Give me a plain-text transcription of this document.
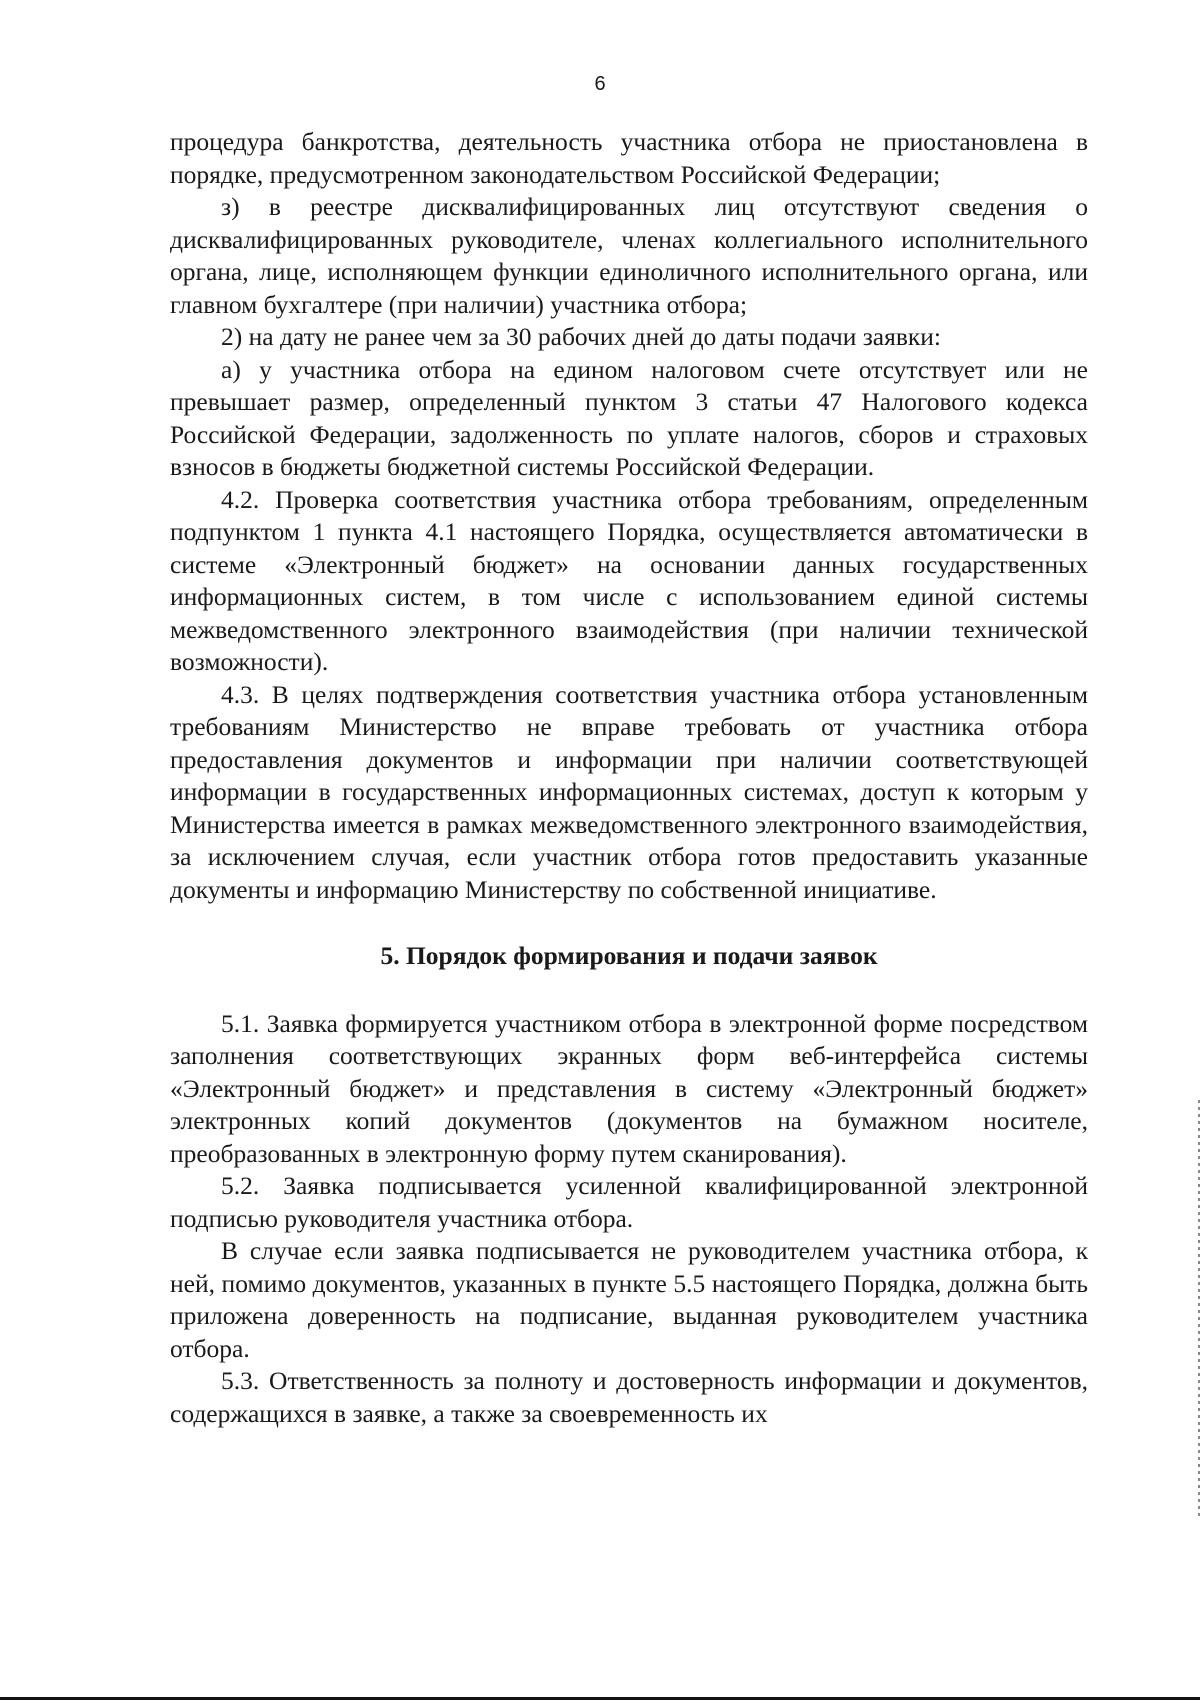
6

процедура банкротства, деятельность участника отбора не приостановлена в порядке, предусмотренном законодательством Российской Федерации;

з) в реестре дисквалифицированных лиц отсутствуют сведения о дисквалифицированных руководителе, членах коллегиального исполнительного органа, лице, исполняющем функции единоличного исполнительного органа, или главном бухгалтере (при наличии) участника отбора;

2) на дату не ранее чем за 30 рабочих дней до даты подачи заявки:

а) у участника отбора на едином налоговом счете отсутствует или не превышает размер, определенный пунктом 3 статьи 47 Налогового кодекса Российской Федерации, задолженность по уплате налогов, сборов и страховых взносов в бюджеты бюджетной системы Российской Федерации.

4.2. Проверка соответствия участника отбора требованиям, определенным подпунктом 1 пункта 4.1 настоящего Порядка, осуществляется автоматически в системе «Электронный бюджет» на основании данных государственных информационных систем, в том числе с использованием единой системы межведомственного электронного взаимодействия (при наличии технической возможности).

4.3. В целях подтверждения соответствия участника отбора установленным требованиям Министерство не вправе требовать от участника отбора предоставления документов и информации при наличии соответствующей информации в государственных информационных системах, доступ к которым у Министерства имеется в рамках межведомственного электронного взаимодействия, за исключением случая, если участник отбора готов предоставить указанные документы и информацию Министерству по собственной инициативе.

5. Порядок формирования и подачи заявок

5.1. Заявка формируется участником отбора в электронной форме посредством заполнения соответствующих экранных форм веб-интерфейса системы «Электронный бюджет» и представления в систему «Электронный бюджет» электронных копий документов (документов на бумажном носителе, преобразованных в электронную форму путем сканирования).

5.2. Заявка подписывается усиленной квалифицированной электронной подписью руководителя участника отбора.

В случае если заявка подписывается не руководителем участника отбора, к ней, помимо документов, указанных в пункте 5.5 настоящего Порядка, должна быть приложена доверенность на подписание, выданная руководителем участника отбора.

5.3. Ответственность за полноту и достоверность информации и документов, содержащихся в заявке, а также за своевременность их
